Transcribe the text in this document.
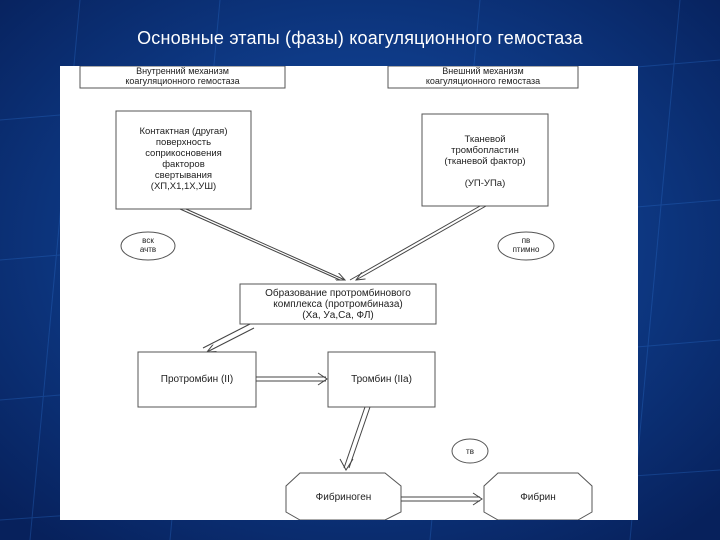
Основные этапы (фазы) коагуляционного гемостаза
Внутренний механизм
коагуляционного гемостаза
Внешний механизм
коагуляционного гемостаза
Контактная (другая)
поверхность
соприкосновения
факторов
свертывания
(ХП,Х1,1Х,УШ)
Тканевой
тромбопластин
(тканевой фактор)
(УП-УПа)
вск
ачтв
пв
птимно
Образование протромбинового
комплекса (протромбиназа)
(Ха, Уа,Са, ФЛ)
Протромбин (II)	Тромбин (IIa)
тв
Фибриноген	Фибрин
